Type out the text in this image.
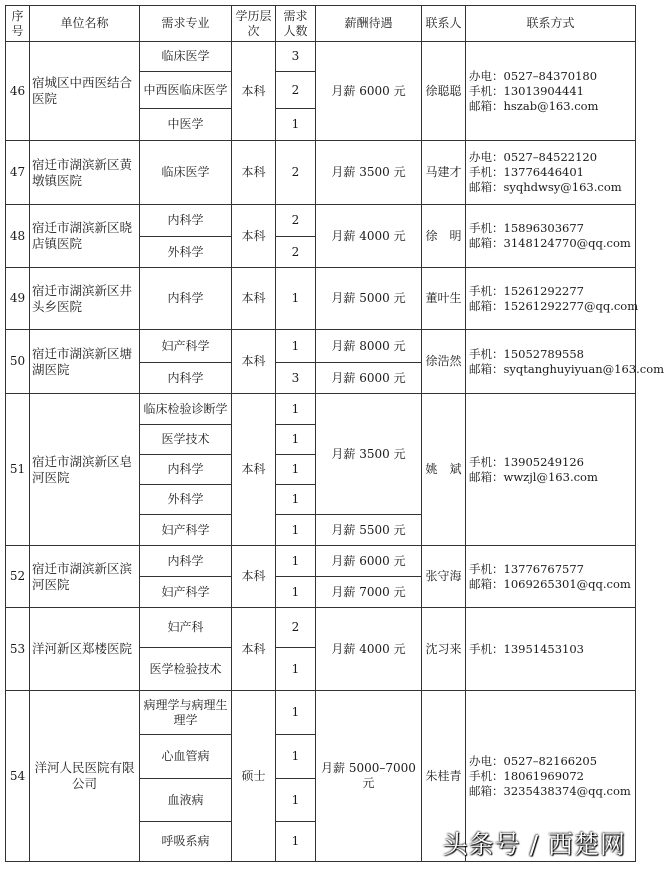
序号	单位名称	需求专业	学历层次	需求人数	薪酬待遇	联系人	联系方式
46	宿城区中西医结合医院	临床医学	本科	3	月薪 6000 元	徐聪聪	办电：0527–84370180
手机：13013904441
邮箱：hszab@163.com

		中西医临床医学		2			
		中医学		1			
47	宿迁市湖滨新区黄墩镇医院	临床医学	本科	2	月薪 3500 元	马建才	办电：0527–84522120
手机：13776446401
邮箱：syqhdwsy@163.com

48	宿迁市湖滨新区晓店镇医院	内科学	本科	2	月薪 4000 元	徐　明	手机：15896303677
邮箱：3148124770@qq.com

		外科学		2			
49	宿迁市湖滨新区井头乡医院	内科学	本科	1	月薪 5000 元	董叶生	手机：15261292277
邮箱：15261292277@qq.com

50	宿迁市湖滨新区塘湖医院	妇产科学	本科	1	月薪 8000 元	徐浩然	手机：15052789558
邮箱：syqtanghuyiyuan@163.com

		内科学		3	月薪 6000 元		
51	宿迁市湖滨新区皂河医院	临床检验诊断学	本科	1	月薪 3500 元	姚　斌	手机：13905249126
邮箱：wwzjl@163.com

		医学技术		1			
		内科学		1			
		外科学		1			
		妇产科学		1	月薪 5500 元		
52	宿迁市湖滨新区滨河医院	内科学	本科	1	月薪 6000 元	张守海	手机：13776767577
邮箱：1069265301@qq.com

		妇产科学		1	月薪 7000 元		
53	洋河新区郑楼医院	妇产科	本科	2	月薪 4000 元	沈习来	手机：13951453103

		医学检验技术		1			
54	洋河人民医院有限公司	病理学与病理生理学	硕士	1	月薪 5000–7000 元	朱桂青	办电：0527–82166205
手机：18061969072
邮箱：3235438374@qq.com

		心血管病		1			
		血液病		1			
		呼吸系病		1				头条号 / 西楚网
